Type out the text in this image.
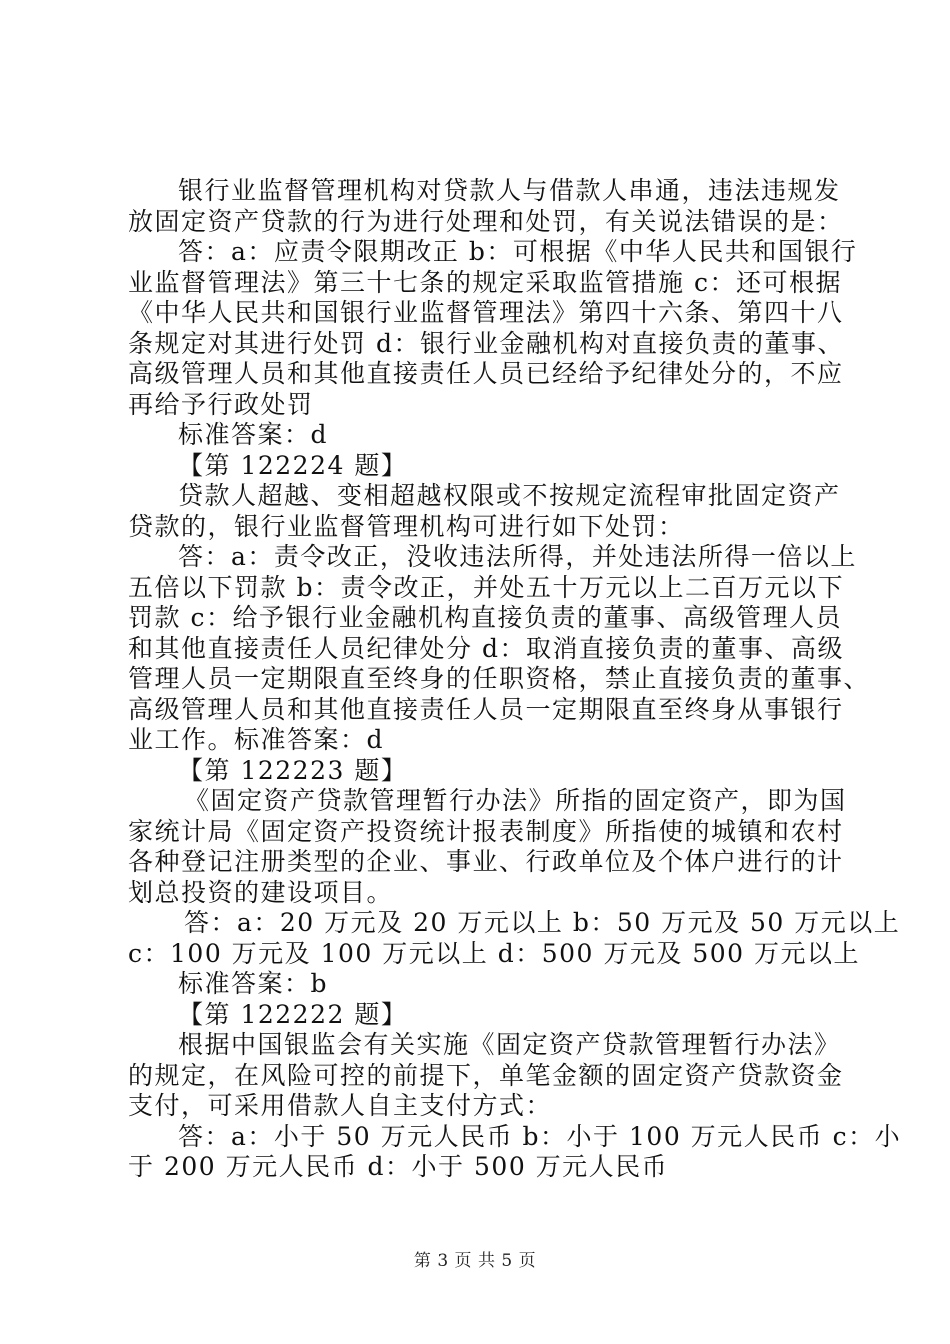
银行业监督管理机构对贷款人与借款人串通，违法违规发
放固定资产贷款的行为进行处理和处罚，有关说法错误的是：
答：a：应责令限期改正 b：可根据《中华人民共和国银行
业监督管理法》第三十七条的规定采取监管措施 c：还可根据
《中华人民共和国银行业监督管理法》第四十六条、第四十八
条规定对其进行处罚 d：银行业金融机构对直接负责的董事、
高级管理人员和其他直接责任人员已经给予纪律处分的，不应
再给予行政处罚
标准答案：d
【第 122224 题】
贷款人超越、变相超越权限或不按规定流程审批固定资产
贷款的，银行业监督管理机构可进行如下处罚：
答：a：责令改正，没收违法所得，并处违法所得一倍以上
五倍以下罚款 b：责令改正，并处五十万元以上二百万元以下
罚款 c：给予银行业金融机构直接负责的董事、高级管理人员
和其他直接责任人员纪律处分 d：取消直接负责的董事、高级
管理人员一定期限直至终身的任职资格，禁止直接负责的董事、
高级管理人员和其他直接责任人员一定期限直至终身从事银行
业工作。标准答案：d
【第 122223 题】
《固定资产贷款管理暂行办法》所指的固定资产，即为国
家统计局《固定资产投资统计报表制度》所指使的城镇和农村
各种登记注册类型的企业、事业、行政单位及个体户进行的计
划总投资的建设项目。
答：a：20 万元及 20 万元以上 b：50 万元及 50 万元以上
c：100 万元及 100 万元以上 d：500 万元及 500 万元以上
标准答案：b
【第 122222 题】
根据中国银监会有关实施《固定资产贷款管理暂行办法》
的规定，在风险可控的前提下，单笔金额的固定资产贷款资金
支付，可采用借款人自主支付方式：
答：a：小于 50 万元人民币 b：小于 100 万元人民币 c：小
于 200 万元人民币 d：小于 500 万元人民币
第 3 页 共 5 页
